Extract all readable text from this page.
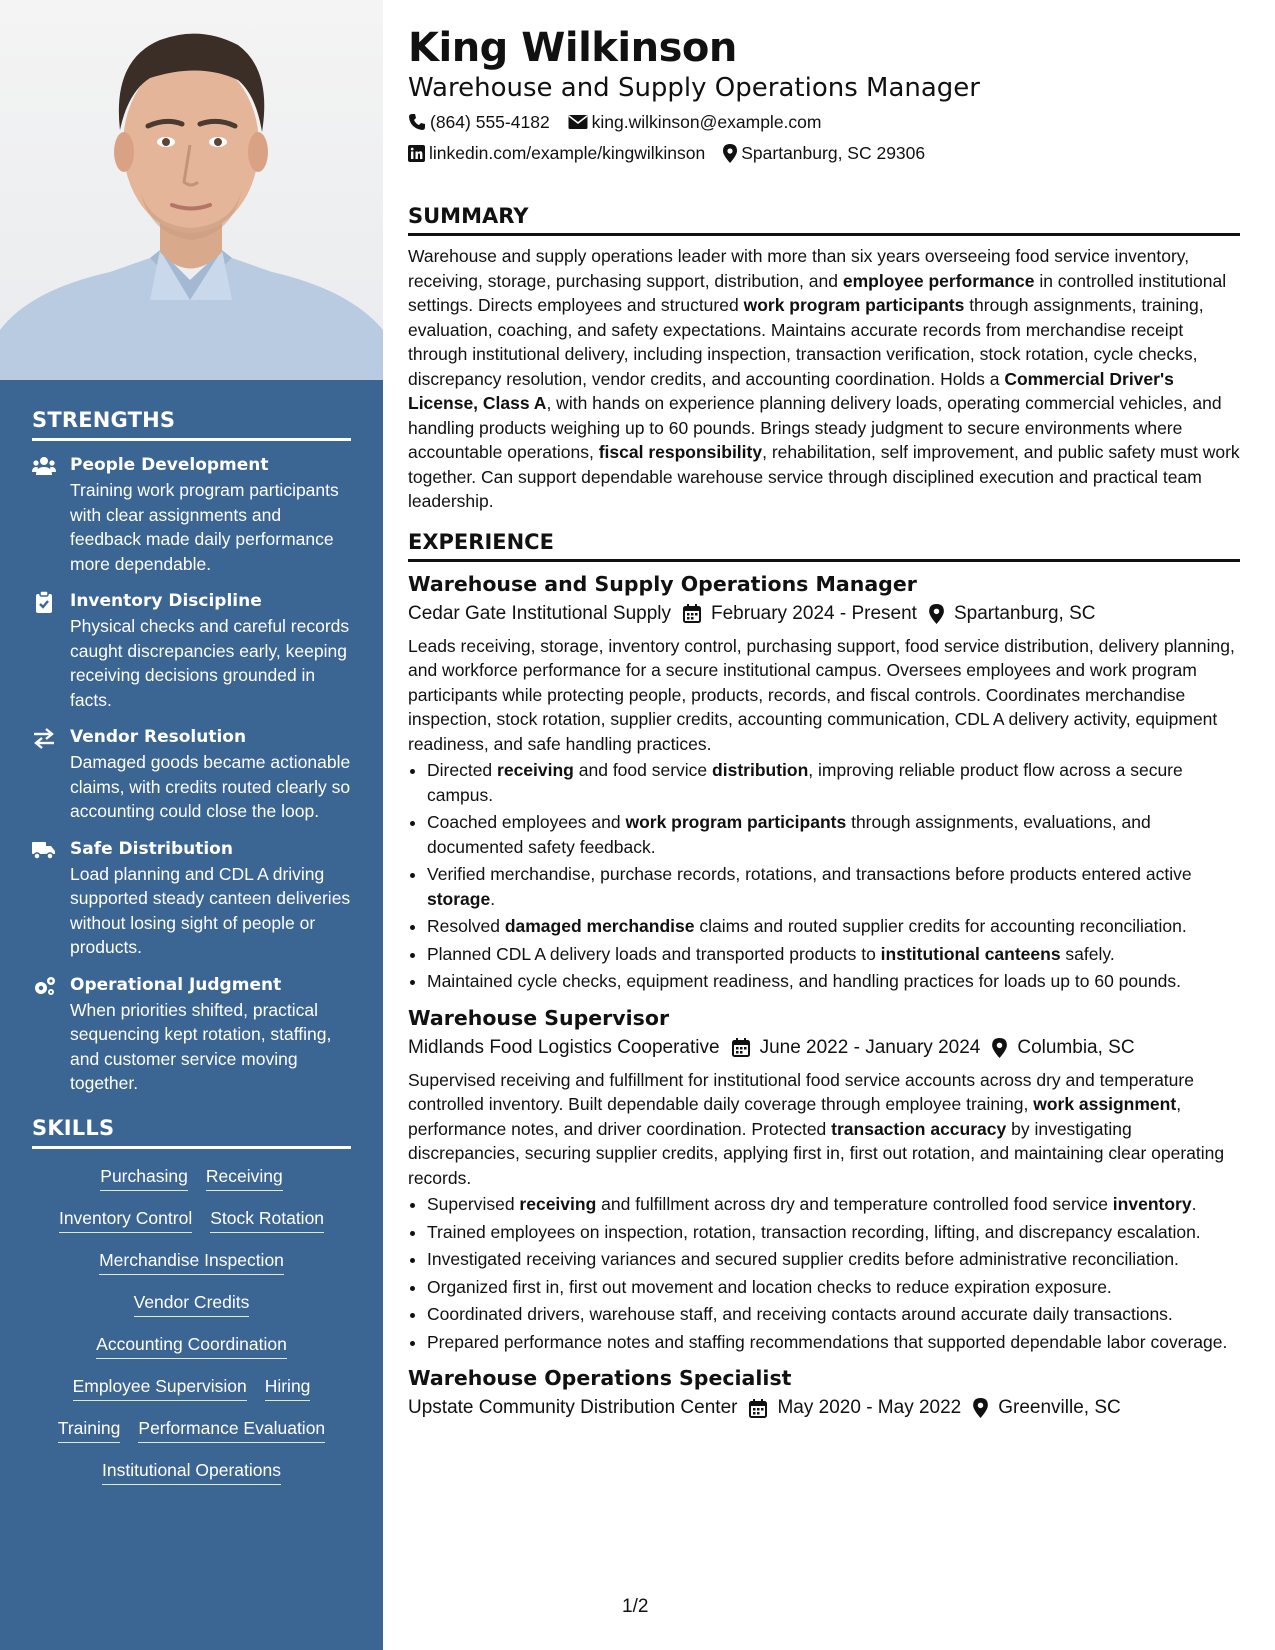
STRENGTHS
People Development
Training work program participants with clear assignments and feedback made daily performance more dependable.
Inventory Discipline
Physical checks and careful records caught discrepancies early, keeping receiving decisions grounded in facts.
Vendor Resolution
Damaged goods became actionable claims, with credits routed clearly so accounting could close the loop.
Safe Distribution
Load planning and CDL A driving supported steady canteen deliveries without losing sight of people or products.
Operational Judgment
When priorities shifted, practical sequencing kept rotation, staffing, and customer service moving together.
SKILLS
Purchasing Receiving
Inventory Control Stock Rotation
Merchandise Inspection
Vendor Credits
Accounting Coordination
Employee Supervision Hiring
Training Performance Evaluation
Institutional Operations
King Wilkinson
Warehouse and Supply Operations Manager
(864) 555-4182 king.wilkinson@example.com
linkedin.com/example/kingwilkinson Spartanburg, SC 29306
SUMMARY
Warehouse and supply operations leader with more than six years overseeing food service inventory, receiving, storage, purchasing support, distribution, and employee performance in controlled institutional settings. Directs employees and structured work program participants through assignments, training, evaluation, coaching, and safety expectations. Maintains accurate records from merchandise receipt through institutional delivery, including inspection, transaction verification, stock rotation, cycle checks, discrepancy resolution, vendor credits, and accounting coordination. Holds a Commercial Driver's License, Class A, with hands on experience planning delivery loads, operating commercial vehicles, and handling products weighing up to 60 pounds. Brings steady judgment to secure environments where accountable operations, fiscal responsibility, rehabilitation, self improvement, and public safety must work together. Can support dependable warehouse service through disciplined execution and practical team leadership.
EXPERIENCE
Warehouse and Supply Operations Manager
Cedar Gate Institutional Supply February 2024 - Present Spartanburg, SC
Leads receiving, storage, inventory control, purchasing support, food service distribution, delivery planning, and workforce performance for a secure institutional campus. Oversees employees and work program participants while protecting people, products, records, and fiscal controls. Coordinates merchandise inspection, stock rotation, supplier credits, accounting communication, CDL A delivery activity, equipment readiness, and safe handling practices.
• Directed receiving and food service distribution, improving reliable product flow across a secure campus.
• Coached employees and work program participants through assignments, evaluations, and documented safety feedback.
• Verified merchandise, purchase records, rotations, and transactions before products entered active storage.
• Resolved damaged merchandise claims and routed supplier credits for accounting reconciliation.
• Planned CDL A delivery loads and transported products to institutional canteens safely.
• Maintained cycle checks, equipment readiness, and handling practices for loads up to 60 pounds.
Warehouse Supervisor
Midlands Food Logistics Cooperative June 2022 - January 2024 Columbia, SC
Supervised receiving and fulfillment for institutional food service accounts across dry and temperature controlled inventory. Built dependable daily coverage through employee training, work assignment, performance notes, and driver coordination. Protected transaction accuracy by investigating discrepancies, securing supplier credits, applying first in, first out rotation, and maintaining clear operating records.
• Supervised receiving and fulfillment across dry and temperature controlled food service inventory.
• Trained employees on inspection, rotation, transaction recording, lifting, and discrepancy escalation.
• Investigated receiving variances and secured supplier credits before administrative reconciliation.
• Organized first in, first out movement and location checks to reduce expiration exposure.
• Coordinated drivers, warehouse staff, and receiving contacts around accurate daily transactions.
• Prepared performance notes and staffing recommendations that supported dependable labor coverage.
Warehouse Operations Specialist
Upstate Community Distribution Center May 2020 - May 2022 Greenville, SC
1/2
